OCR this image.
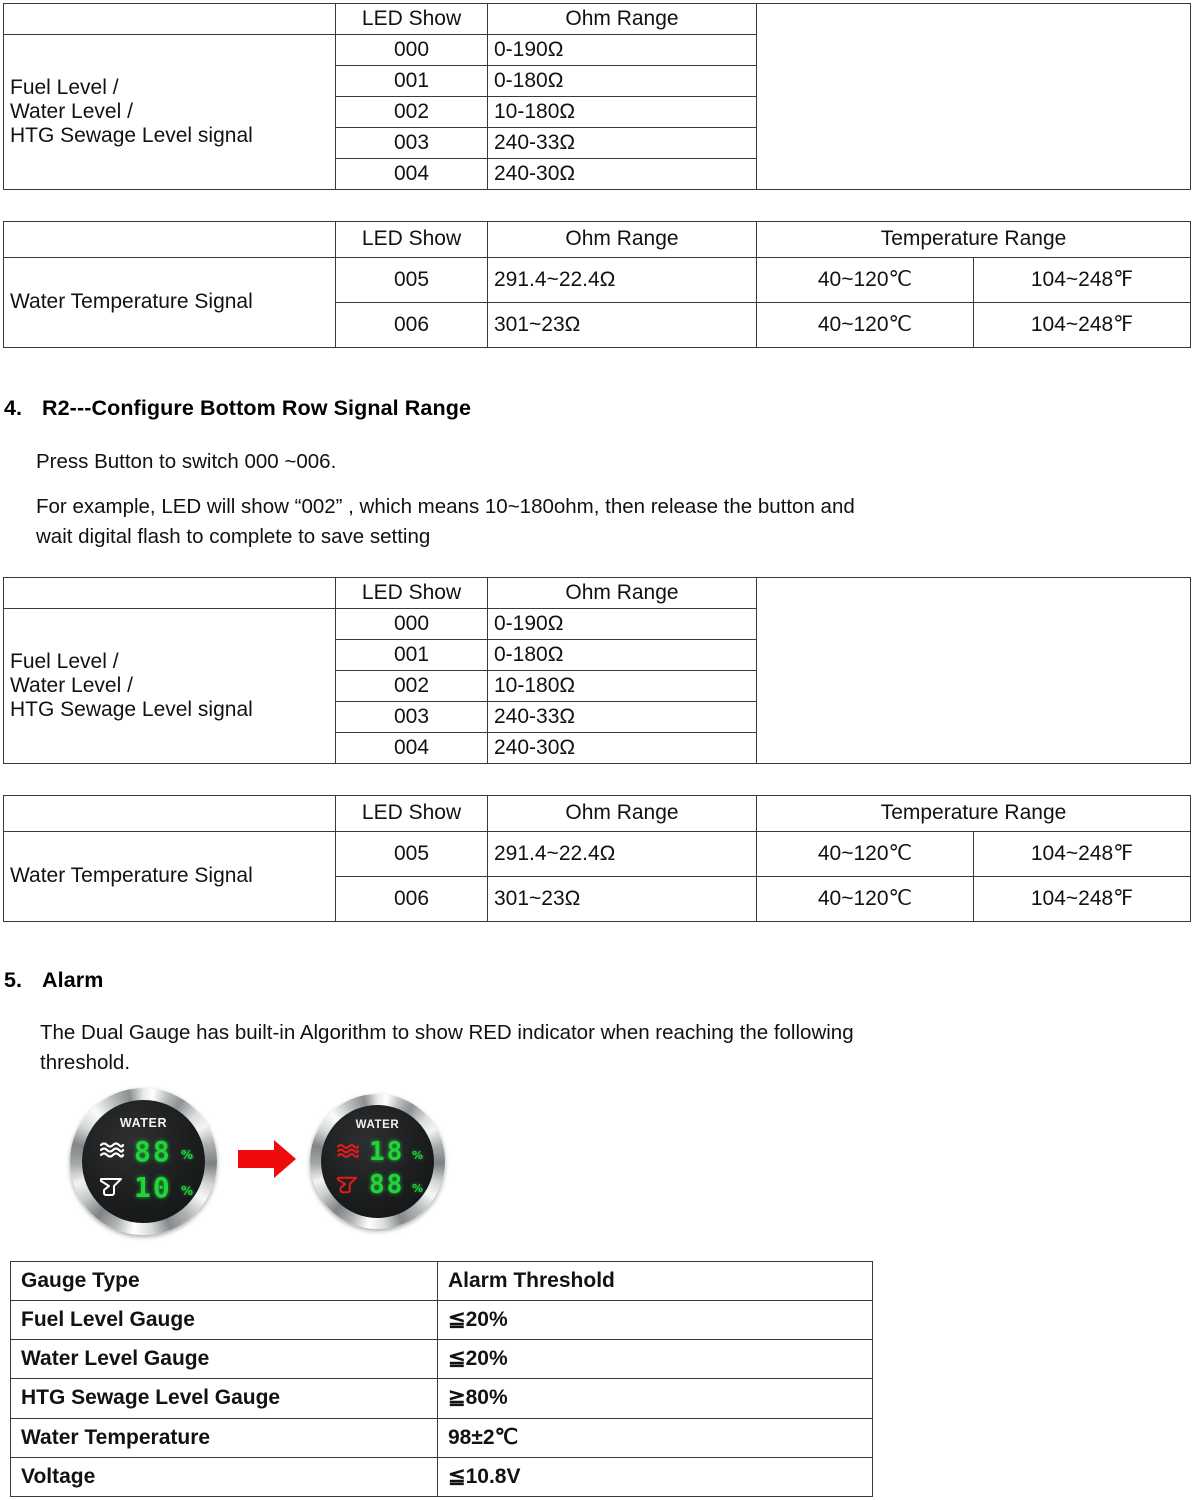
	LED Show	Ohm Range	

Fuel Level /
Water Level /
HTG Sewage Level signal	000	0-190Ω	
	001	0-180Ω	
	002	10-180Ω	
	003	240-33Ω	
	004	240-30Ω	
	LED Show	Ohm Range	Temperature Range	
Water Temperature Signal	005	291.4~22.4Ω	40~120℃	104~248℉
	006	301~23Ω	40~120℃	104~248℉
4. R2---Configure Bottom Row Signal Range
Press Button to switch 000 ~006.
For example, LED will show “002” , which means 10~180ohm, then release the button and
wait digital flash to complete to save setting
	LED Show	Ohm Range	

Fuel Level /
Water Level /
HTG Sewage Level signal	000	0-190Ω	
	001	0-180Ω	
	002	10-180Ω	
	003	240-33Ω	
	004	240-30Ω	
	LED Show	Ohm Range	Temperature Range	
Water Temperature Signal	005	291.4~22.4Ω	40~120℃	104~248℉
	006	301~23Ω	40~120℃	104~248℉
5. Alarm
The Dual Gauge has built-in Algorithm to show RED indicator when reaching the following
threshold.
WATER
88 %
10 %
WATER
18 %
88 %
Gauge Type	Alarm Threshold
Fuel Level Gauge	≦20%
Water Level Gauge	≦20%
HTG Sewage Level Gauge	≧80%
Water Temperature	98±2℃
Voltage	≦10.8V
